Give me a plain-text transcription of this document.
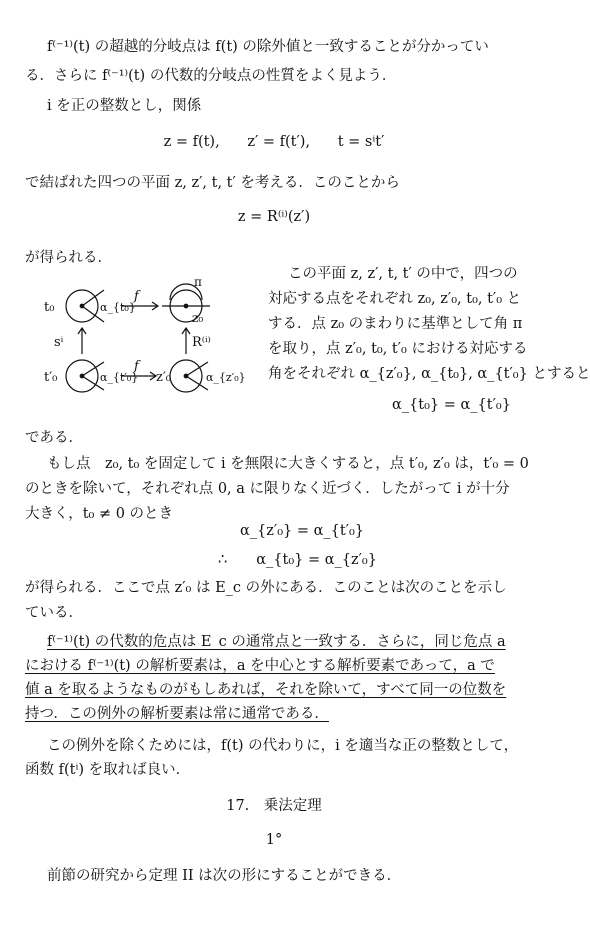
f⁽⁻¹⁾(t) の超越的分岐点は f(t) の除外値と一致することが分かってい
る．さらに f⁽⁻¹⁾(t) の代数的分岐点の性質をよく見よう．
i を正の整数とし，関係
z = f(t),      z′ = f(t′),      t = sⁱt′
で結ばれた四つの平面 z, z′, t, t′ を考える．このことから
z = R⁽ⁱ⁾(z′)
が得られる．
この平面 z, z′, t, t′ の中で，四つの
対応する点をそれぞれ z₀, z′₀, t₀, t′₀ と
する．点 z₀ のまわりに基準として角 π
を取り，点 z′₀, t₀, t′₀ における対応する
角をそれぞれ α_{z′₀}, α_{t₀}, α_{t′₀} とすると
α_{t₀} = α_{t′₀}
t₀	α_{t₀}
f
π
z₀
sⁱ	R⁽ⁱ⁾
t′₀	α_{t′₀}
f
z′₀	α_{z′₀}
である．
もし点　z₀, t₀ を固定して i を無限に大きくすると，点 t′₀, z′₀ は，t′₀ = 0
のときを除いて，それぞれ点 0, a に限りなく近づく．したがって i が十分
大きく，t₀ ≠ 0 のとき
α_{z′₀} = α_{t′₀}
∴　　α_{t₀} = α_{z′₀}
が得られる．ここで点 z′₀ は E_c の外にある．このことは次のことを示し
ている．
f⁽⁻¹⁾(t) の代数的危点は E_c の通常点と一致する．さらに，同じ危点 a
における f⁽⁻¹⁾(t) の解析要素は，a を中心とする解析要素であって，a で
値 a を取るようなものがもしあれば，それを除いて，すべて同一の位数を
持つ．この例外の解析要素は常に通常である．
この例外を除くためには，f(t) の代わりに，i を適当な正の整数として，
函数 f(tⁱ) を取れば良い．
17.　乗法定理
1°
前節の研究から定理 II は次の形にすることができる．
